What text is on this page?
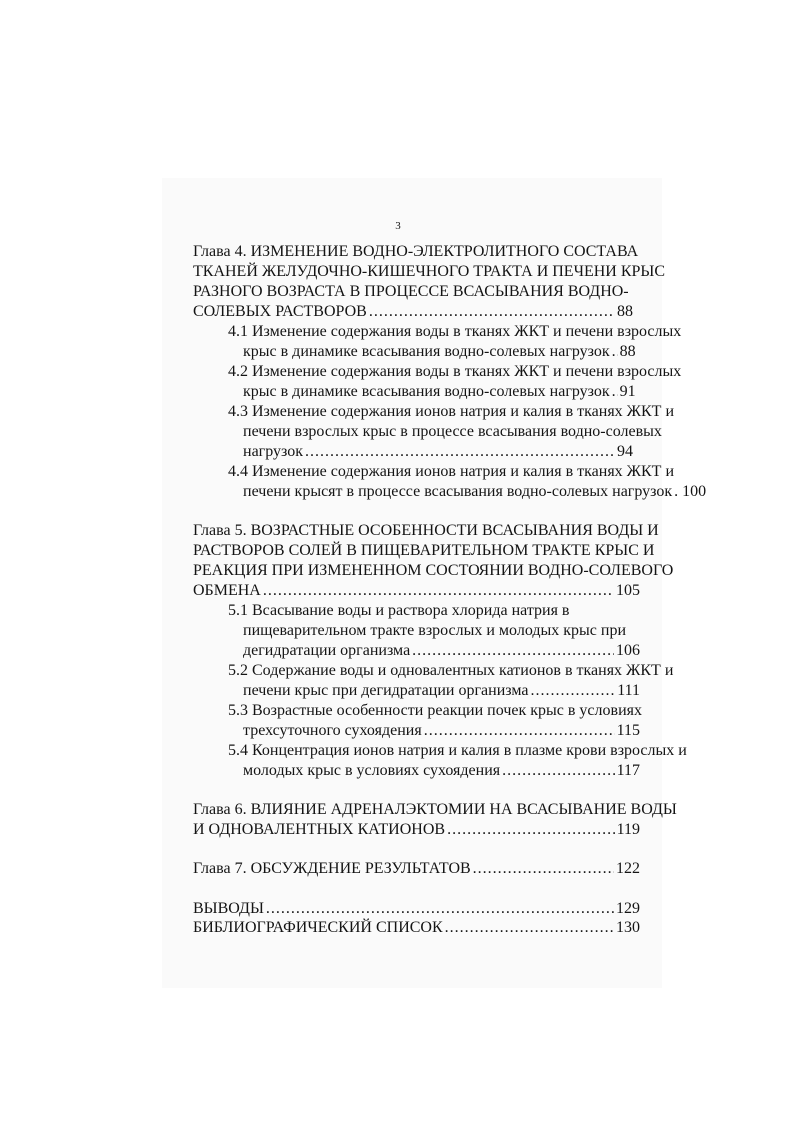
3
Глава 4. ИЗМЕНЕНИЕ ВОДНО-ЭЛЕКТРОЛИТНОГО СОСТАВА
ТКАНЕЙ ЖЕЛУДОЧНО-КИШЕЧНОГО ТРАКТА И ПЕЧЕНИ КРЫС
РАЗНОГО ВОЗРАСТА В ПРОЦЕССЕ ВСАСЫВАНИЯ ВОДНО-
СОЛЕВЫХ РАСТВОРОВ .....	88
4.1 Изменение содержания воды в тканях ЖКТ и печени взрослых
крыс в динамике всасывания водно-солевых нагрузок ..... 88
4.2 Изменение содержания воды в тканях ЖКТ и печени взрослых
крыс в динамике всасывания водно-солевых нагрузок ..... 91
4.3 Изменение содержания ионов натрия и калия в тканях ЖКТ и
печени взрослых крыс в процессе всасывания водно-солевых
нагрузок .....	94
4.4 Изменение содержания ионов натрия и калия в тканях ЖКТ и
печени крысят в процессе всасывания водно-солевых нагрузок ..... 100
Глава 5. ВОЗРАСТНЫЕ ОСОБЕННОСТИ ВСАСЫВАНИЯ ВОДЫ И
РАСТВОРОВ СОЛЕЙ В ПИЩЕВАРИТЕЛЬНОМ ТРАКТЕ КРЫС И
РЕАКЦИЯ ПРИ ИЗМЕНЕННОМ СОСТОЯНИИ ВОДНО-СОЛЕВОГО
ОБМЕНА .....	105
5.1 Всасывание воды и раствора хлорида натрия в
пищеварительном тракте взрослых и молодых крыс при
дегидратации организма .....	106
5.2 Содержание воды и одновалентных катионов в тканях ЖКТ и
печени крыс при дегидратации организма .....	111
5.3 Возрастные особенности реакции почек крыс в условиях
трехсуточного сухоядения .....	115
5.4 Концентрация ионов натрия и калия в плазме крови взрослых и
молодых крыс в условиях сухоядения .....	117
Глава 6. ВЛИЯНИЕ АДРЕНАЛЭКТОМИИ НА ВСАСЫВАНИЕ ВОДЫ
И ОДНОВАЛЕНТНЫХ КАТИОНОВ .....	119
Глава 7. ОБСУЖДЕНИЕ РЕЗУЛЬТАТОВ .....	122
ВЫВОДЫ .....	129
БИБЛИОГРАФИЧЕСКИЙ СПИСОК .....	130
